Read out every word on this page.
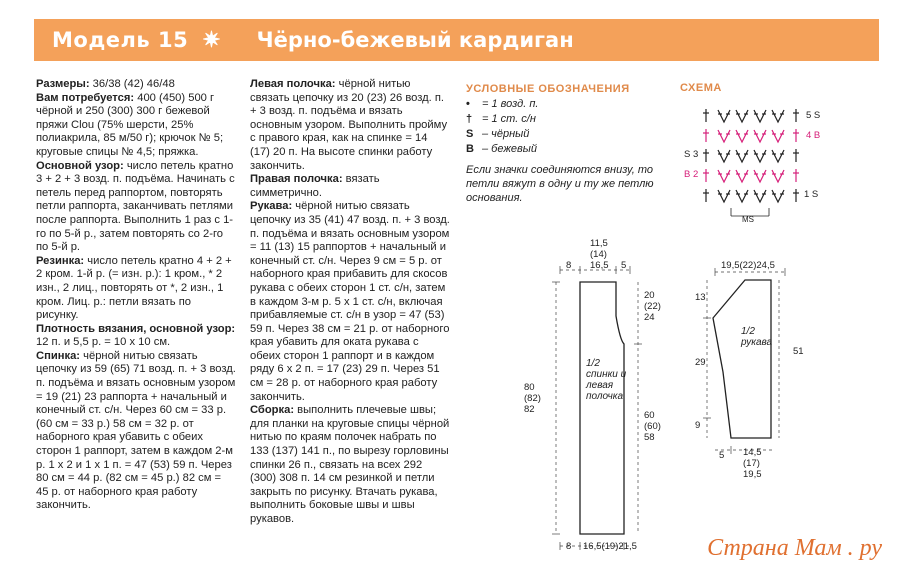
Модель 15 ✷ Чёрно-бежевый кардиган

Размеры: 36/38 (42) 46/48

Вам потребуется: 400 (450) 500 г чёрной и 250 (300) 300 г бежевой пряжи Clou (75% шерсти, 25% полиакрила, 85 м/50 г); крючок № 5; круговые спицы № 4,5; пряжка.

Основной узор: число петель кратно 3 + 2 + 3 возд. п. подъёма. Начинать с петель перед раппортом, повторять петли раппорта, заканчивать петлями после раппорта. Выполнить 1 раз с 1-го по 5-й р., затем повторять со 2-го по 5-й р.

Резинка: число петель кратно 4 + 2 + 2 кром. 1-й р. (= изн. р.): 1 кром., * 2 изн., 2 лиц., повторять от *, 2 изн., 1 кром. Лиц. р.: петли вязать по рисунку.

Плотность вязания, основной узор: 12 п. и 5,5 р. = 10 х 10 см.

Спинка: чёрной нитью связать цепочку из 59 (65) 71 возд. п. + 3 возд. п. подъёма и вязать основным узором = 19 (21) 23 раппорта + начальный и конечный ст. с/н. Через 60 см = 33 р. (60 см = 33 р.) 58 см = 32 р. от наборного края убавить с обеих сторон 1 раппорт, затем в каждом 2-м р. 1 х 2 и 1 х 1 п. = 47 (53) 59 п. Через 80 см = 44 р. (82 см = 45 р.) 82 см = 45 р. от наборного края работу закончить.

Левая полочка: чёрной нитью связать цепочку из 20 (23) 26 возд. п. + 3 возд. п. подъёма и вязать основным узором. Выполнить пройму с правого края, как на спинке = 14 (17) 20 п. На высоте спинки работу закончить.

Правая полочка: вязать симметрично.

Рукава: чёрной нитью связать цепочку из 35 (41) 47 возд. п. + 3 возд. п. подъёма и вязать основным узором = 11 (13) 15 раппортов + начальный и конечный ст. с/н. Через 9 см = 5 р. от наборного края прибавить для скосов рукава с обеих сторон 1 ст. с/н, затем в каждом 3-м р. 5 х 1 ст. с/н, включая прибавляемые ст. с/н в узор = 47 (53) 59 п. Через 38 см = 21 р. от наборного края убавить для оката рукава с обеих сторон 1 раппорт и в каждом ряду 6 х 2 п. = 17 (23) 29 п. Через 51 см = 28 р. от наборного края работу закончить.

Сборка: выполнить плечевые швы; для планки на круговые спицы чёрной нитью по краям полочек набрать по 133 (137) 141 п., по вырезу горловины спинки 26 п., связать на всех 292 (300) 308 п. 14 см резинкой и петли закрыть по рисунку. Втачать рукава, выполнить боковые швы и швы рукавов.

УСЛОВНЫЕ ОБОЗНАЧЕНИЯ
•	= 1 возд. п.
† = 1 ст. с/н
S – чёрный
B – бежевый
Если значки соединяются внизу, то петли вяжут в одну и ту же петлю основания.
СХЕМА
5 S
4 B
S 3
B 2
1 S
MS
8	5
11,5 (14) 16,5
20 (22) 24
80 (82) 82
60 (60) 58
1/2 спинки и левая полочка
8 16,5(19)21,5
19,5(22)24,5
13
29
9
51
1/2 рукава
5 14,5 (17) 19,5
Страна Мам . ру
